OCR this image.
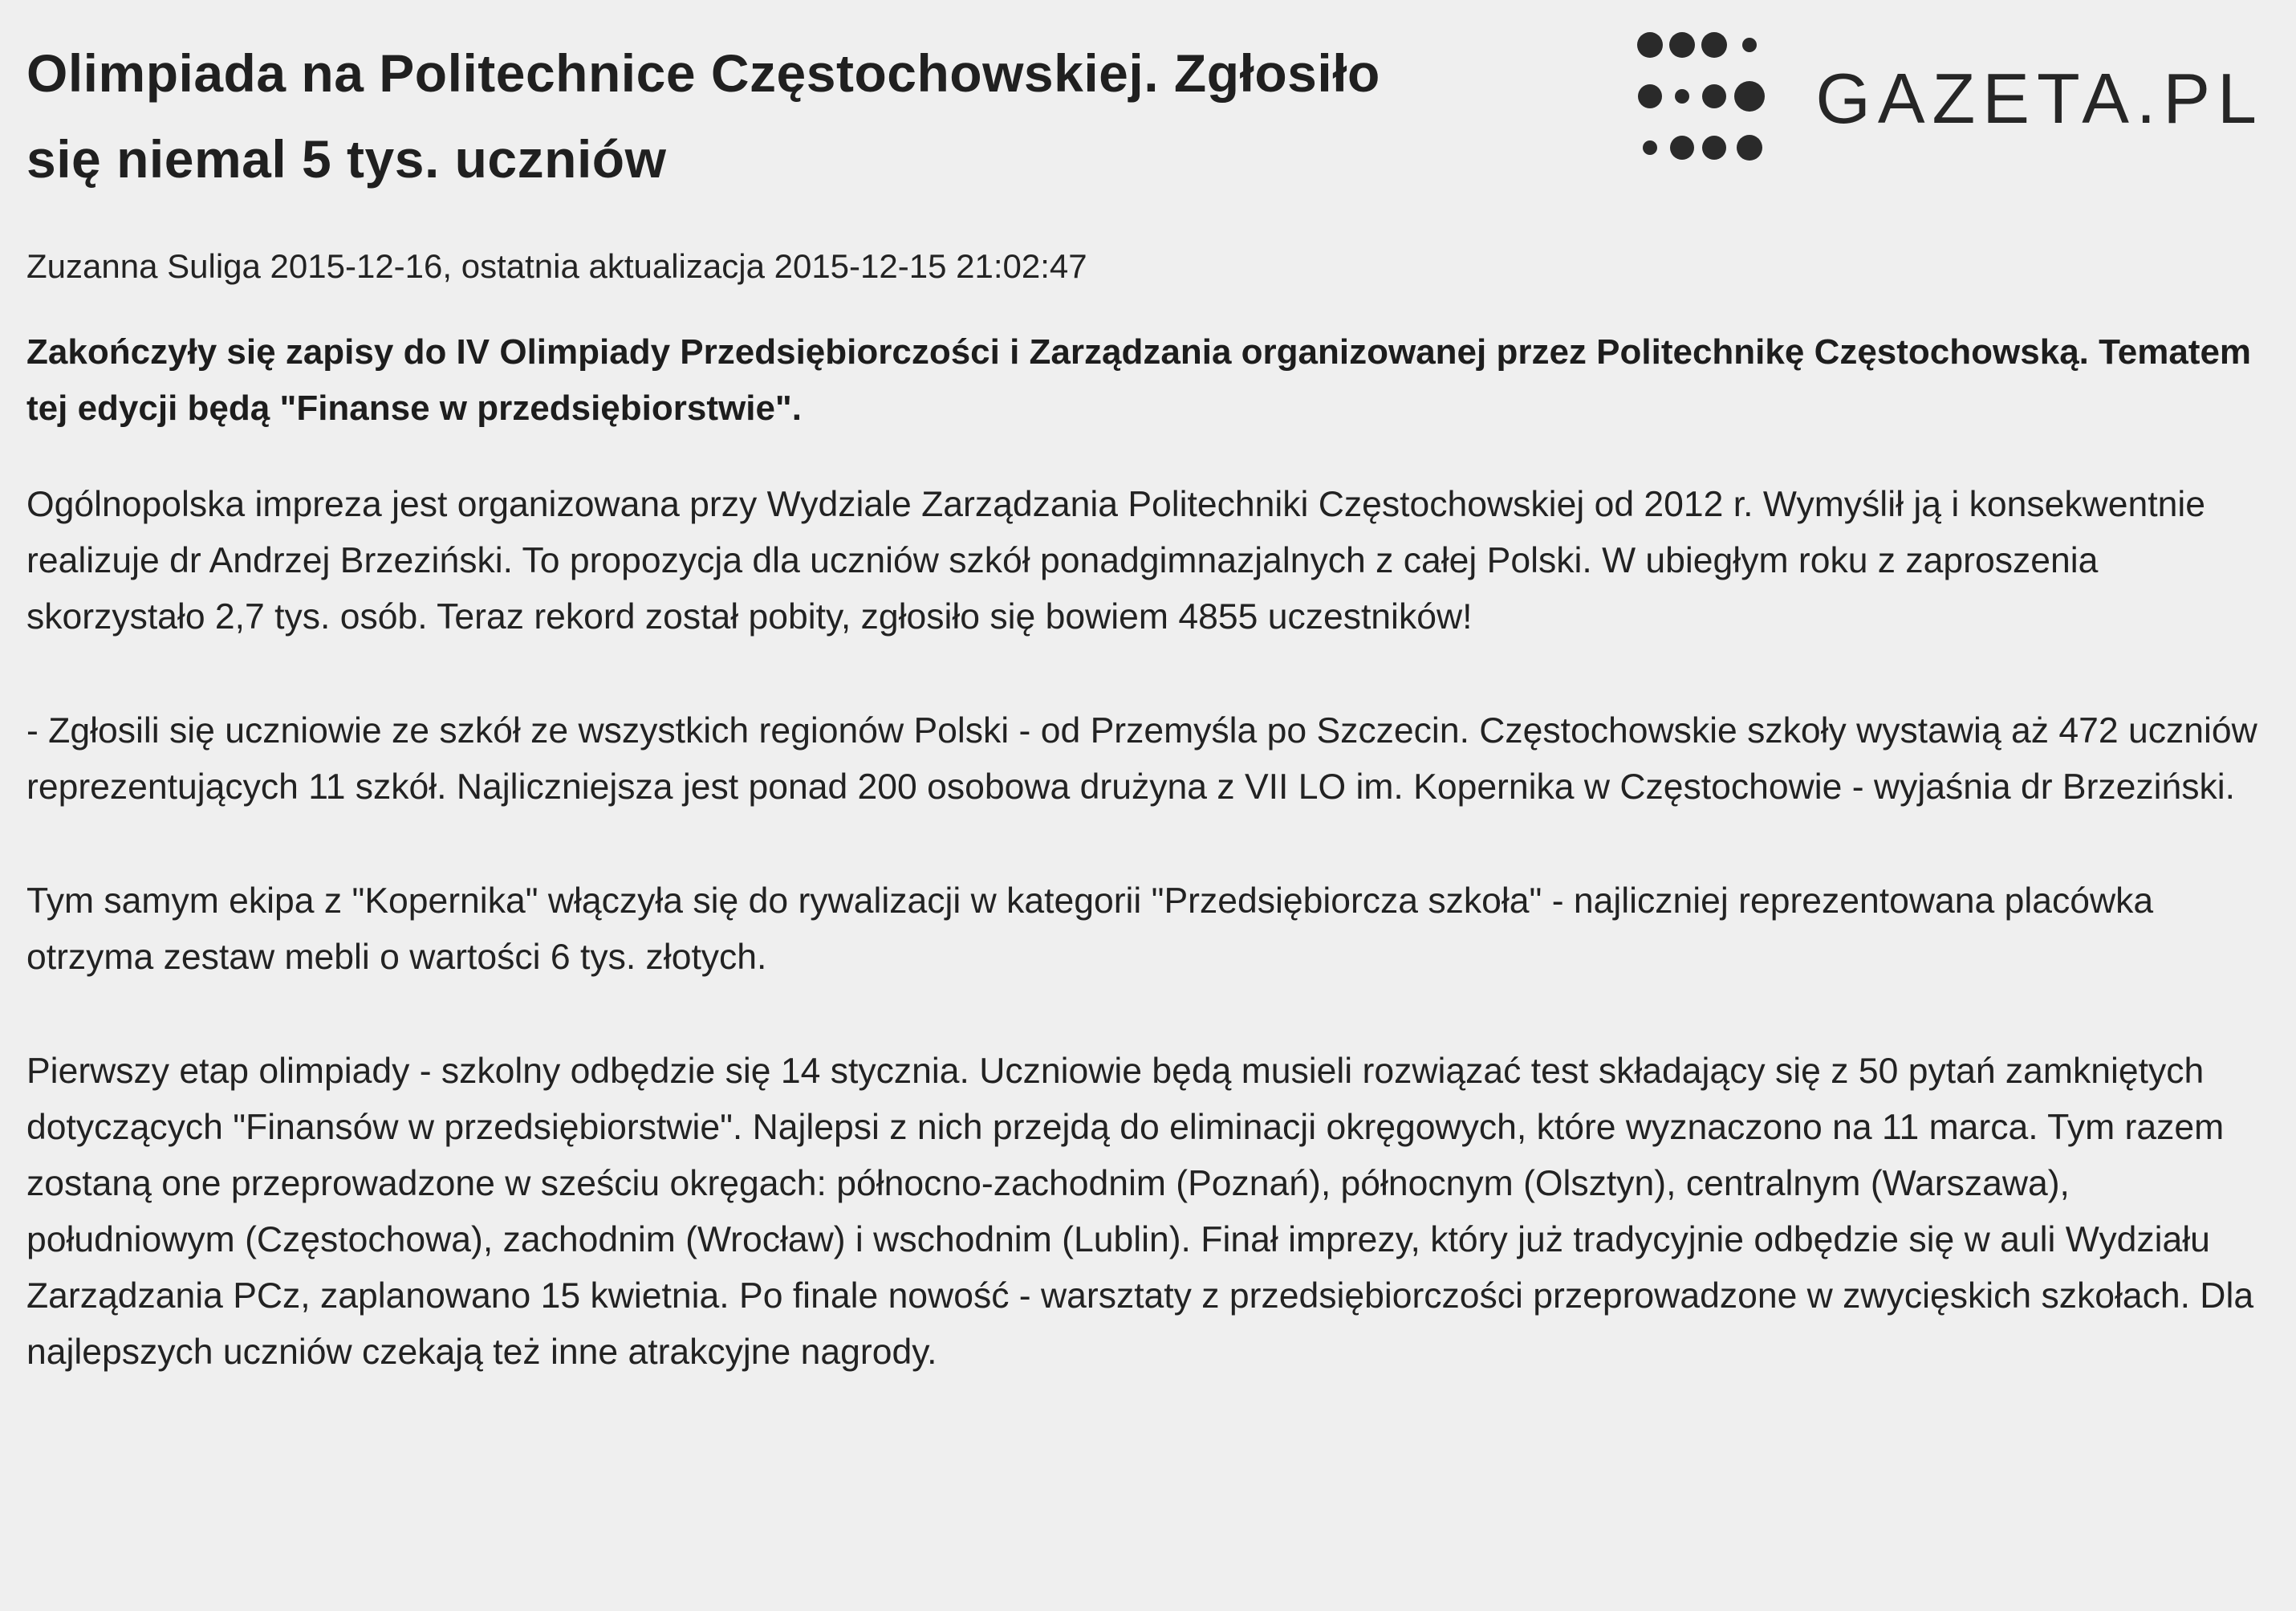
Olimpiada na Politechnice Częstochowskiej. Zgłosiło się niemal 5 tys. uczniów
GAZETA.PL

Zuzanna Suliga 2015-12-16, ostatnia aktualizacja 2015-12-15 21:02:47

Zakończyły się zapisy do IV Olimpiady Przedsiębiorczości i Zarządzania organizowanej przez Politechnikę Częstochowską. Tematem tej edycji będą "Finanse w przedsiębiorstwie".

Ogólnopolska impreza jest organizowana przy Wydziale Zarządzania Politechniki Częstochowskiej od 2012 r. Wymyślił ją i konsekwentnie realizuje dr Andrzej Brzeziński. To propozycja dla uczniów szkół ponadgimnazjalnych z całej Polski. W ubiegłym roku z zaproszenia skorzystało 2,7 tys. osób. Teraz rekord został pobity, zgłosiło się bowiem 4855 uczestników!

- Zgłosili się uczniowie ze szkół ze wszystkich regionów Polski - od Przemyśla po Szczecin. Częstochowskie szkoły wystawią aż 472 uczniów reprezentujących 11 szkół. Najliczniejsza jest ponad 200 osobowa drużyna z VII LO im. Kopernika w Częstochowie - wyjaśnia dr Brzeziński.

Tym samym ekipa z "Kopernika" włączyła się do rywalizacji w kategorii "Przedsiębiorcza szkoła" - najliczniej reprezentowana placówka otrzyma zestaw mebli o wartości 6 tys. złotych.

Pierwszy etap olimpiady - szkolny odbędzie się 14 stycznia. Uczniowie będą musieli rozwiązać test składający się z 50 pytań zamkniętych dotyczących "Finansów w przedsiębiorstwie". Najlepsi z nich przejdą do eliminacji okręgowych, które wyznaczono na 11 marca. Tym razem zostaną one przeprowadzone w sześciu okręgach: północno-zachodnim (Poznań), północnym (Olsztyn), centralnym (Warszawa), południowym (Częstochowa), zachodnim (Wrocław) i wschodnim (Lublin). Finał imprezy, który już tradycyjnie odbędzie się w auli Wydziału Zarządzania PCz, zaplanowano 15 kwietnia. Po finale nowość - warsztaty z przedsiębiorczości przeprowadzone w zwycięskich szkołach. Dla najlepszych uczniów czekają też inne atrakcyjne nagrody.
